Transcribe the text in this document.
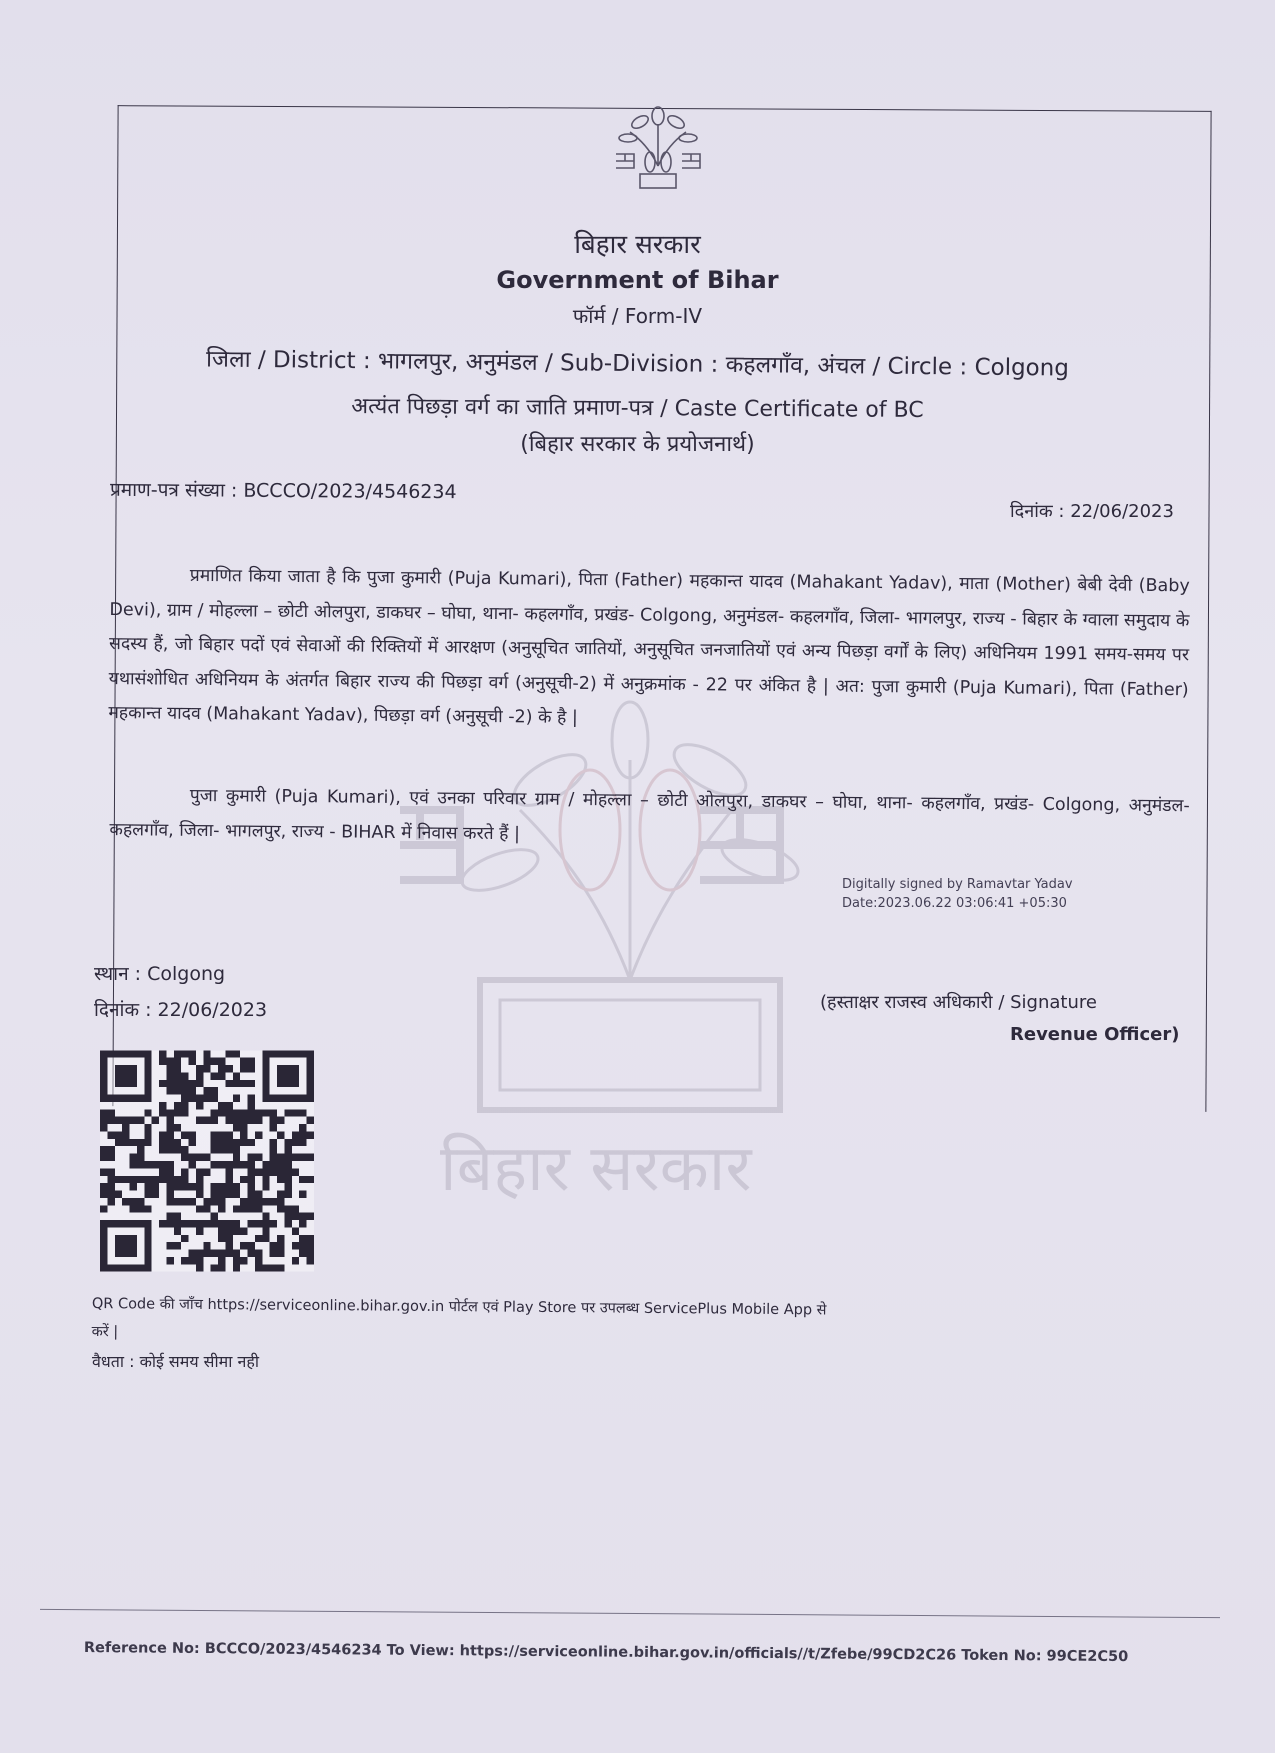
बिहार सरकार
बिहार सरकार
Government of Bihar
फॉर्म / Form-IV
जिला / District : भागलपुर, अनुमंडल / Sub-Division : कहलगाँव, अंचल / Circle : Colgong
अत्यंत पिछड़ा वर्ग का जाति प्रमाण-पत्र / Caste Certificate of BC
(बिहार सरकार के प्रयोजनार्थ)
प्रमाण-पत्र संख्या : BCCCO/2023/4546234
दिनांक : 22/06/2023
प्रमाणित किया जाता है कि पुजा कुमारी (Puja Kumari), पिता (Father) महकान्त यादव (Mahakant Yadav), माता (Mother) बेबी देवी (Baby Devi), ग्राम / मोहल्ला – छोटी ओलपुरा, डाकघर – घोघा, थाना- कहलगाँव, प्रखंड- Colgong, अनुमंडल- कहलगाँव, जिला- भागलपुर, राज्य - बिहार के ग्वाला समुदाय के सदस्य हैं, जो बिहार पदों एवं सेवाओं की रिक्तियों में आरक्षण (अनुसूचित जातियों, अनुसूचित जनजातियों एवं अन्य पिछड़ा वर्गों के लिए) अधिनियम 1991 समय-समय पर यथासंशोधित अधिनियम के अंतर्गत बिहार राज्य की पिछड़ा वर्ग (अनुसूची-2) में अनुक्रमांक - 22 पर अंकित है | अत: पुजा कुमारी (Puja Kumari), पिता (Father) महकान्त यादव (Mahakant Yadav), पिछड़ा वर्ग (अनुसूची -2) के है |
पुजा कुमारी (Puja Kumari), एवं उनका परिवार ग्राम / मोहल्ला – छोटी ओलपुरा, डाकघर – घोघा, थाना- कहलगाँव, प्रखंड- Colgong, अनुमंडल- कहलगाँव, जिला- भागलपुर, राज्य - BIHAR में निवास करते हैं |
Digitally signed by Ramavtar Yadav
Date:2023.06.22 03:06:41 +05:30
स्थान : Colgong
दिनांक : 22/06/2023	(हस्ताक्षर राजस्व अधिकारी / Signature
Revenue Officer)
QR Code की जाँच https://serviceonline.bihar.gov.in पोर्टल एवं Play Store पर उपलब्ध ServicePlus Mobile App से करें |
वैधता : कोई समय सीमा नही
Reference No: BCCCO/2023/4546234 To View: https://serviceonline.bihar.gov.in/officials//t/Zfebe/99CD2C26 Token No: 99CE2C50
